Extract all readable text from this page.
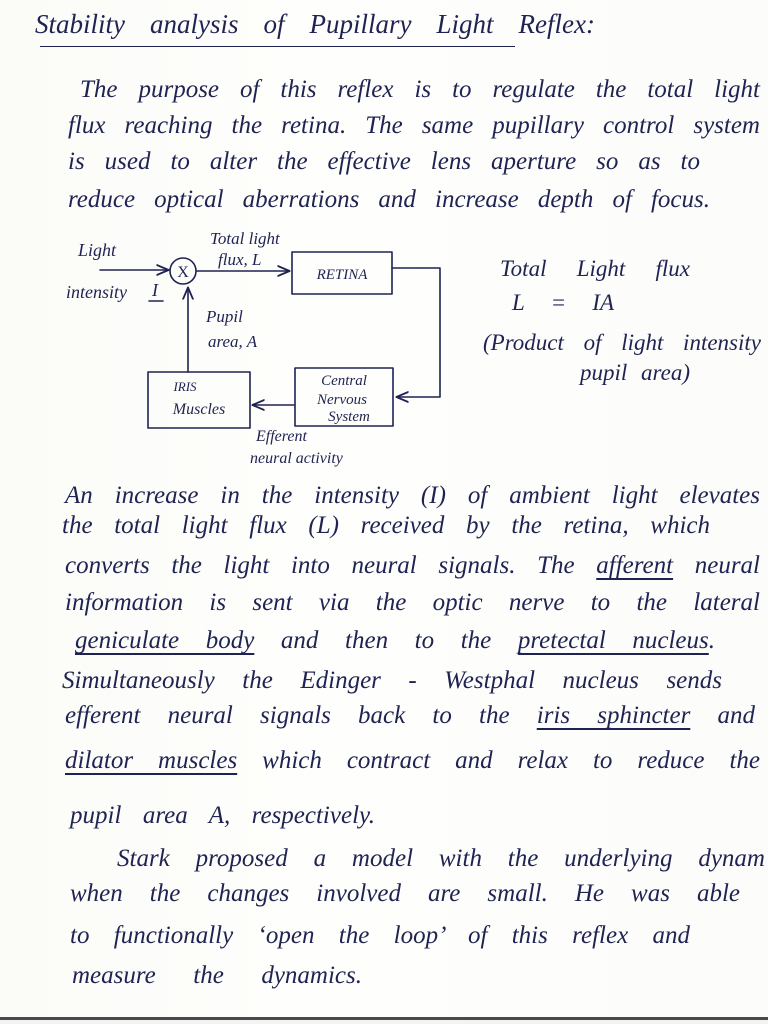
Stability analysis of Pupillary Light Reflex:
The purpose of this reflex is to regulate the total light
flux reaching the retina. The same pupillary control system
is used to alter the effective lens aperture so as to
reduce optical aberrations and increase depth of focus.
Light
intensity I
X
Total light
flux, L
RETINA
Central
Nervous
System
IRIS
Muscles
Pupil
area, A
Efferent
neural activity
Total Light flux
L = IA
(Product of light intensity
pupil area)
An increase in the intensity (I) of ambient light elevates
the total light flux (L) received by the retina, which
converts the light into neural signals. The afferent neural
information is sent via the optic nerve to the lateral
geniculate body and then to the pretectal nucleus.
Simultaneously the Edinger - Westphal nucleus sends
efferent neural signals back to the iris sphincter and
dilator muscles which contract and relax to reduce the
pupil area A, respectively.
Stark proposed a model with the underlying dynam
when the changes involved are small. He was able
to functionally ‘open the loop’ of this reflex and
measure the dynamics.
